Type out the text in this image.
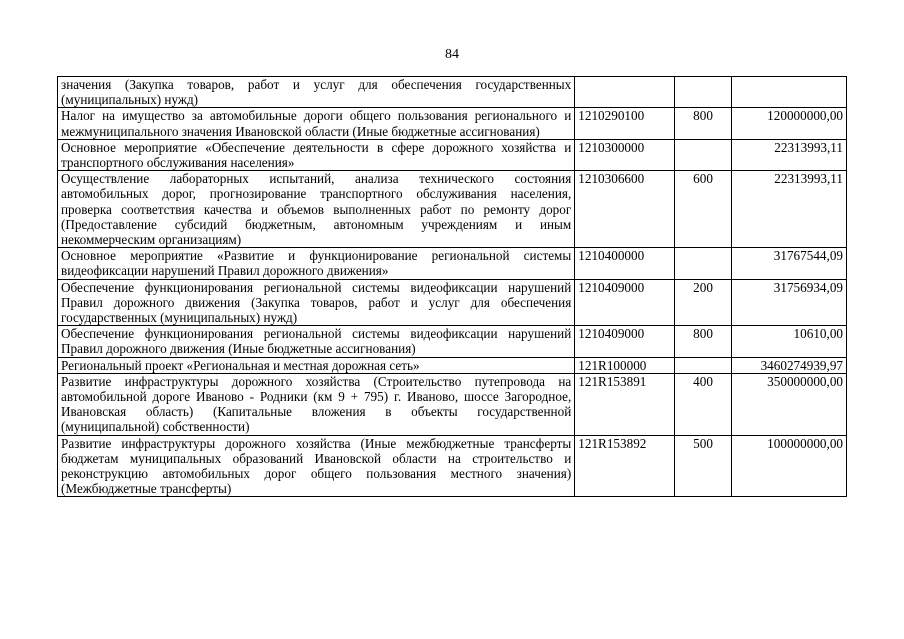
84
значения (Закупка товаров, работ и услуг для обеспечения государственных (муниципальных) нужд)			
Налог на имущество за автомобильные дороги общего пользования регионального и межмуниципального значения Ивановской области (Иные бюджетные ассигнования)	1210290100	800	120000000,00
Основное мероприятие «Обеспечение деятельности в сфере дорожного хозяйства и транспортного обслуживания населения»	1210300000		22313993,11
Осуществление лабораторных испытаний, анализа технического состояния автомобильных дорог, прогнозирование транспортного обслуживания населения, проверка соответствия качества и объемов выполненных работ по ремонту дорог (Предоставление субсидий бюджетным, автономным учреждениям и иным некоммерческим организациям)	1210306600	600	22313993,11
Основное мероприятие «Развитие и функционирование региональной системы видеофиксации нарушений Правил дорожного движения»	1210400000		31767544,09
Обеспечение функционирования региональной системы видеофиксации нарушений Правил дорожного движения (Закупка товаров, работ и услуг для обеспечения государственных (муниципальных) нужд)	1210409000	200	31756934,09
Обеспечение функционирования региональной системы видеофиксации нарушений Правил дорожного движения (Иные бюджетные ассигнования)	1210409000	800	10610,00
Региональный проект «Региональная и местная дорожная сеть»	121R100000		3460274939,97
Развитие инфраструктуры дорожного хозяйства (Строительство путепровода на автомобильной дороге Иваново - Родники (км 9 + 795) г. Иваново, шоссе Загородное, Ивановская область) (Капитальные вложения в объекты государственной (муниципальной) собственности)	121R153891	400	350000000,00
Развитие инфраструктуры дорожного хозяйства (Иные межбюджетные трансферты бюджетам муниципальных образований Ивановской области на строительство и реконструкцию автомобильных дорог общего пользования местного значения) (Межбюджетные трансферты)	121R153892	500	100000000,00
